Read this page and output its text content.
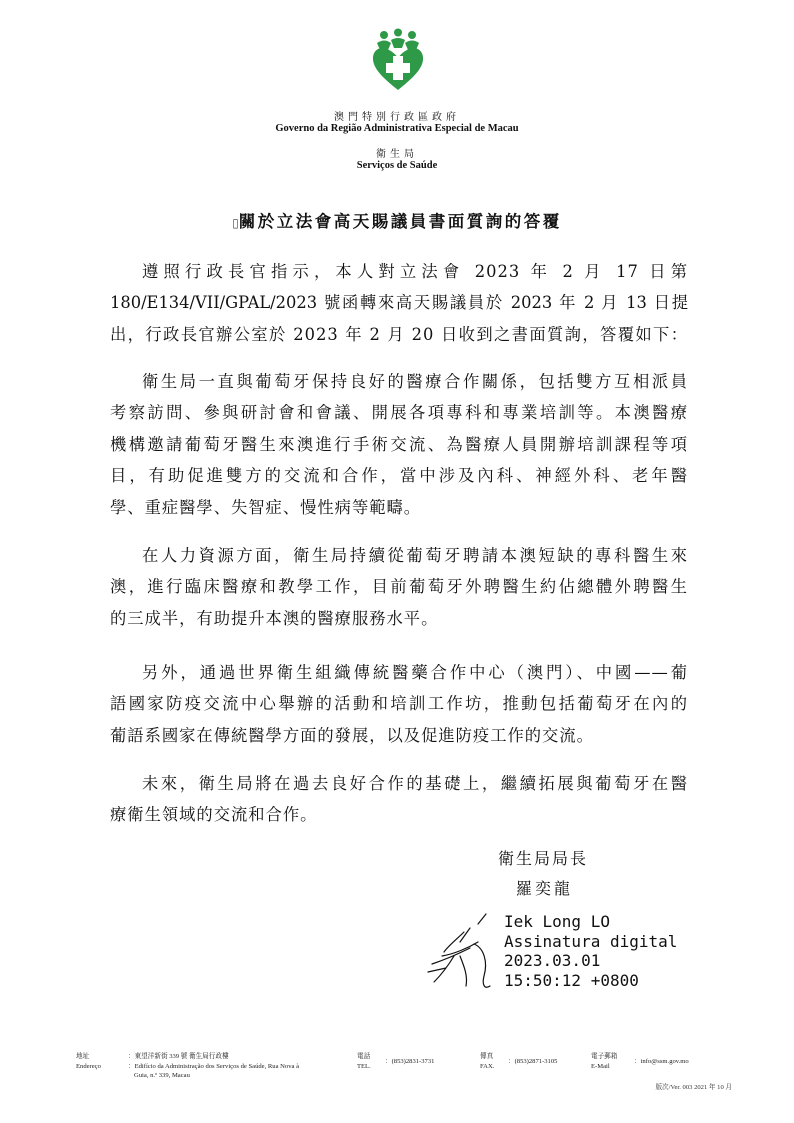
澳門特別行政區政府
Governo da Região Administrativa Especial de Macau
衛生局
Serviços de Saúde
▯關於立法會高天賜議員書面質詢的答覆
遵照行政長官指示，本人對立法會 2023 年 2 月 17 日第
180/E134/VII/GPAL/2023 號函轉來高天賜議員於 2023 年 2 月 13 日提
出，行政長官辦公室於 2023 年 2 月 20 日收到之書面質詢，答覆如下：
衛生局一直與葡萄牙保持良好的醫療合作關係，包括雙方互相派員
考察訪問、參與研討會和會議、開展各項專科和專業培訓等。本澳醫療
機構邀請葡萄牙醫生來澳進行手術交流、為醫療人員開辦培訓課程等項
目，有助促進雙方的交流和合作，當中涉及內科、神經外科、老年醫
學、重症醫學、失智症、慢性病等範疇。
在人力資源方面，衛生局持續從葡萄牙聘請本澳短缺的專科醫生來
澳，進行臨床醫療和教學工作，目前葡萄牙外聘醫生約佔總體外聘醫生
的三成半，有助提升本澳的醫療服務水平。
另外，通過世界衛生組織傳統醫藥合作中心（澳門）、中國——葡
語國家防疫交流中心舉辦的活動和培訓工作坊，推動包括葡萄牙在內的
葡語系國家在傳統醫學方面的發展，以及促進防疫工作的交流。
未來，衛生局將在過去良好合作的基礎上，繼續拓展與葡萄牙在醫
療衛生領域的交流和合作。
衛生局局長
羅奕龍
Iek Long LO
Assinatura digital
2023.03.01
15:50:12 +0800
地址
Endereço
：東望洋新街 339 號 衛生局行政樓
：Edifício da Administração dos Serviços de Saúde, Rua Nova à
Guia, n.º 339, Macau
電話
TEL.
：(853)2831-3731
傳真
FAX.
：(853)2871-3105
電子郵箱
E-Mail
：info@ssm.gov.mo
版次/Ver. 003 2021 年 10 月
